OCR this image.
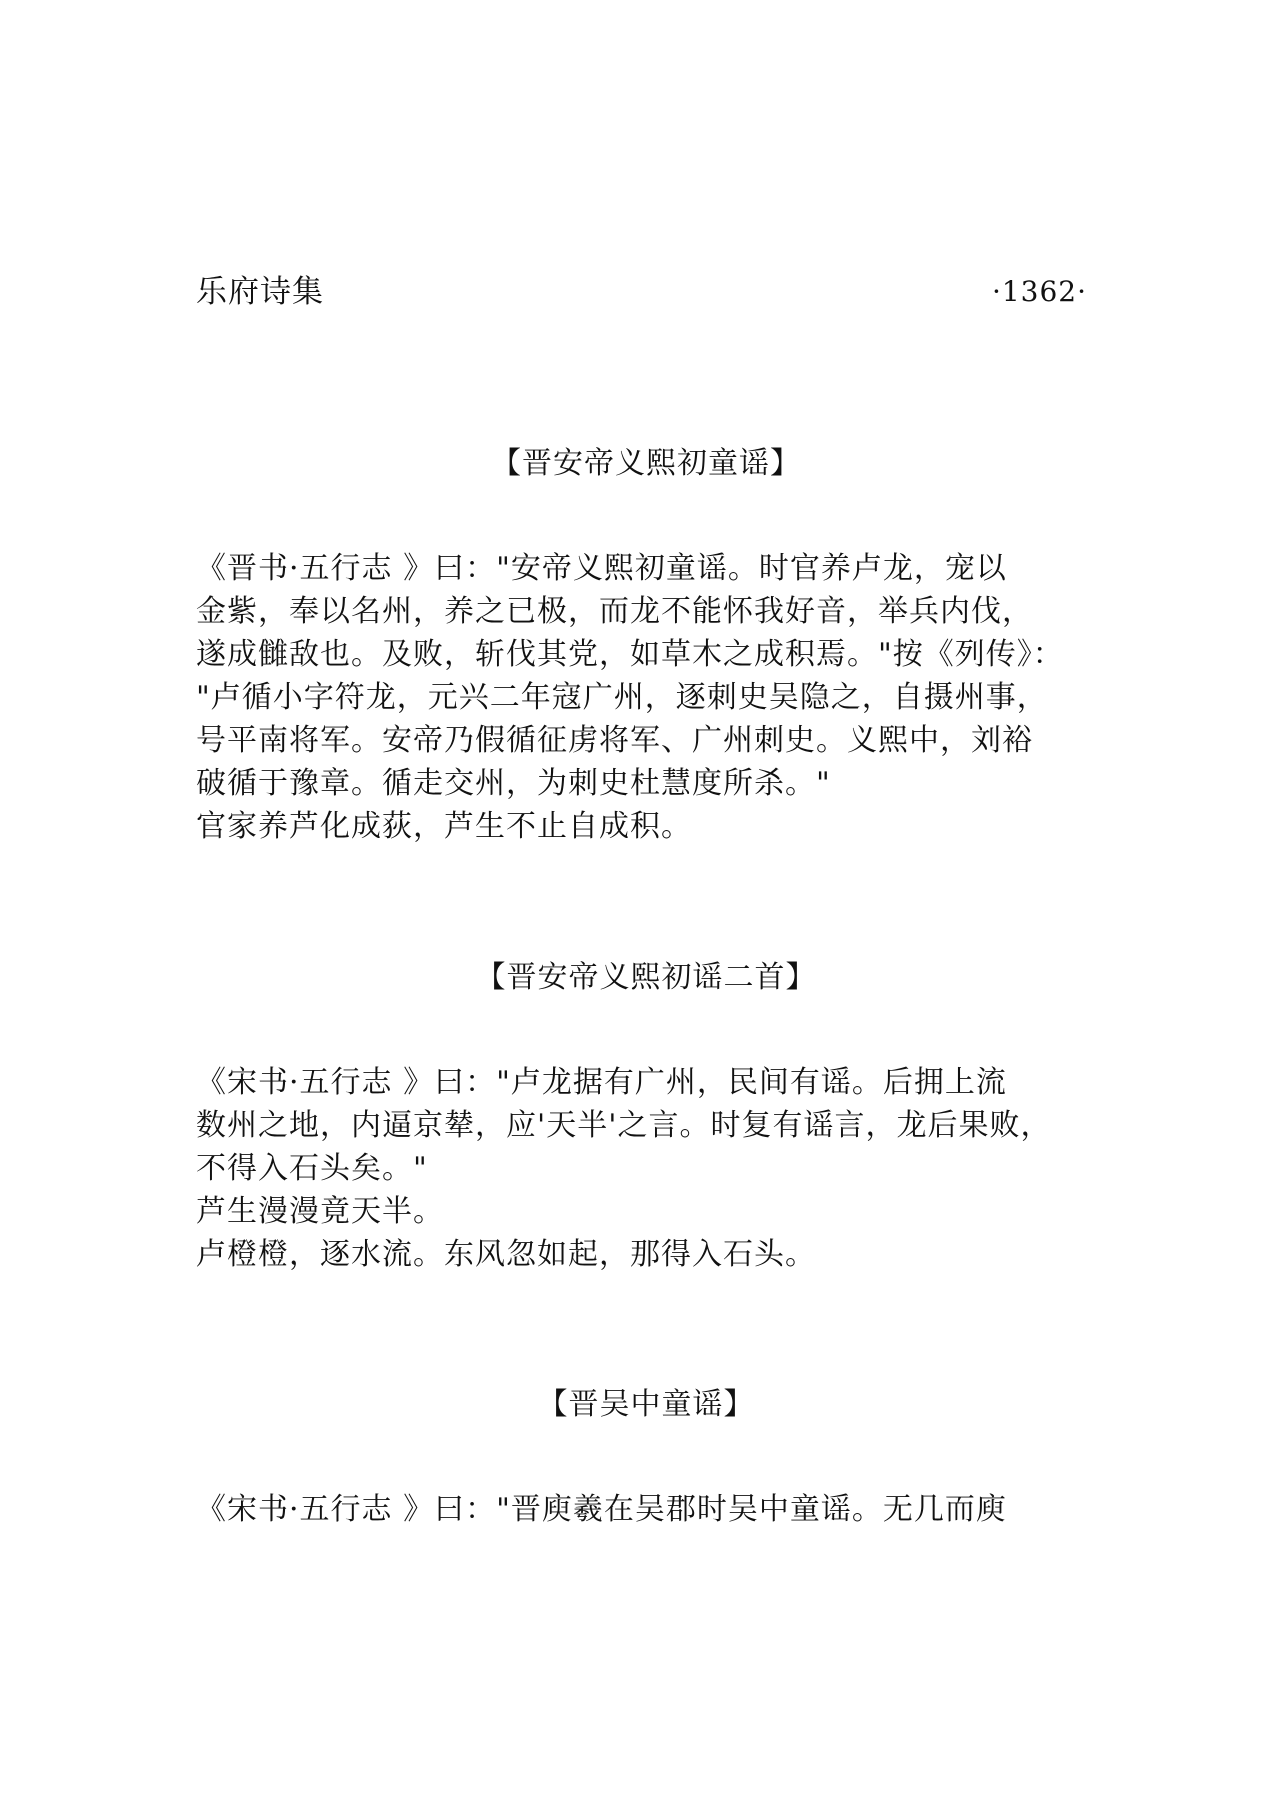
乐府诗集	·1362·
【晋安帝义熙初童谣】

《晋书·五行志 》曰："安帝义熙初童谣。时官养卢龙，宠以

金紫，奉以名州，养之已极，而龙不能怀我好音，举兵内伐，

遂成雠敌也。及败，斩伐其党，如草木之成积焉。"按《列传》：

"卢循小字符龙，元兴二年寇广州，逐刺史吴隐之，自摄州事，

号平南将军。安帝乃假循征虏将军、广州刺史。义熙中，刘裕

破循于豫章。循走交州，为刺史杜慧度所杀。"

官家养芦化成荻，芦生不止自成积。

【晋安帝义熙初谣二首】

《宋书·五行志 》曰："卢龙据有广州，民间有谣。后拥上流

数州之地，内逼京辇，应'天半'之言。时复有谣言，龙后果败，

不得入石头矣。"

芦生漫漫竟天半。

卢橙橙，逐水流。东风忽如起，那得入石头。

【晋吴中童谣】

《宋书·五行志 》曰："晋庾羲在吴郡时吴中童谣。无几而庾
